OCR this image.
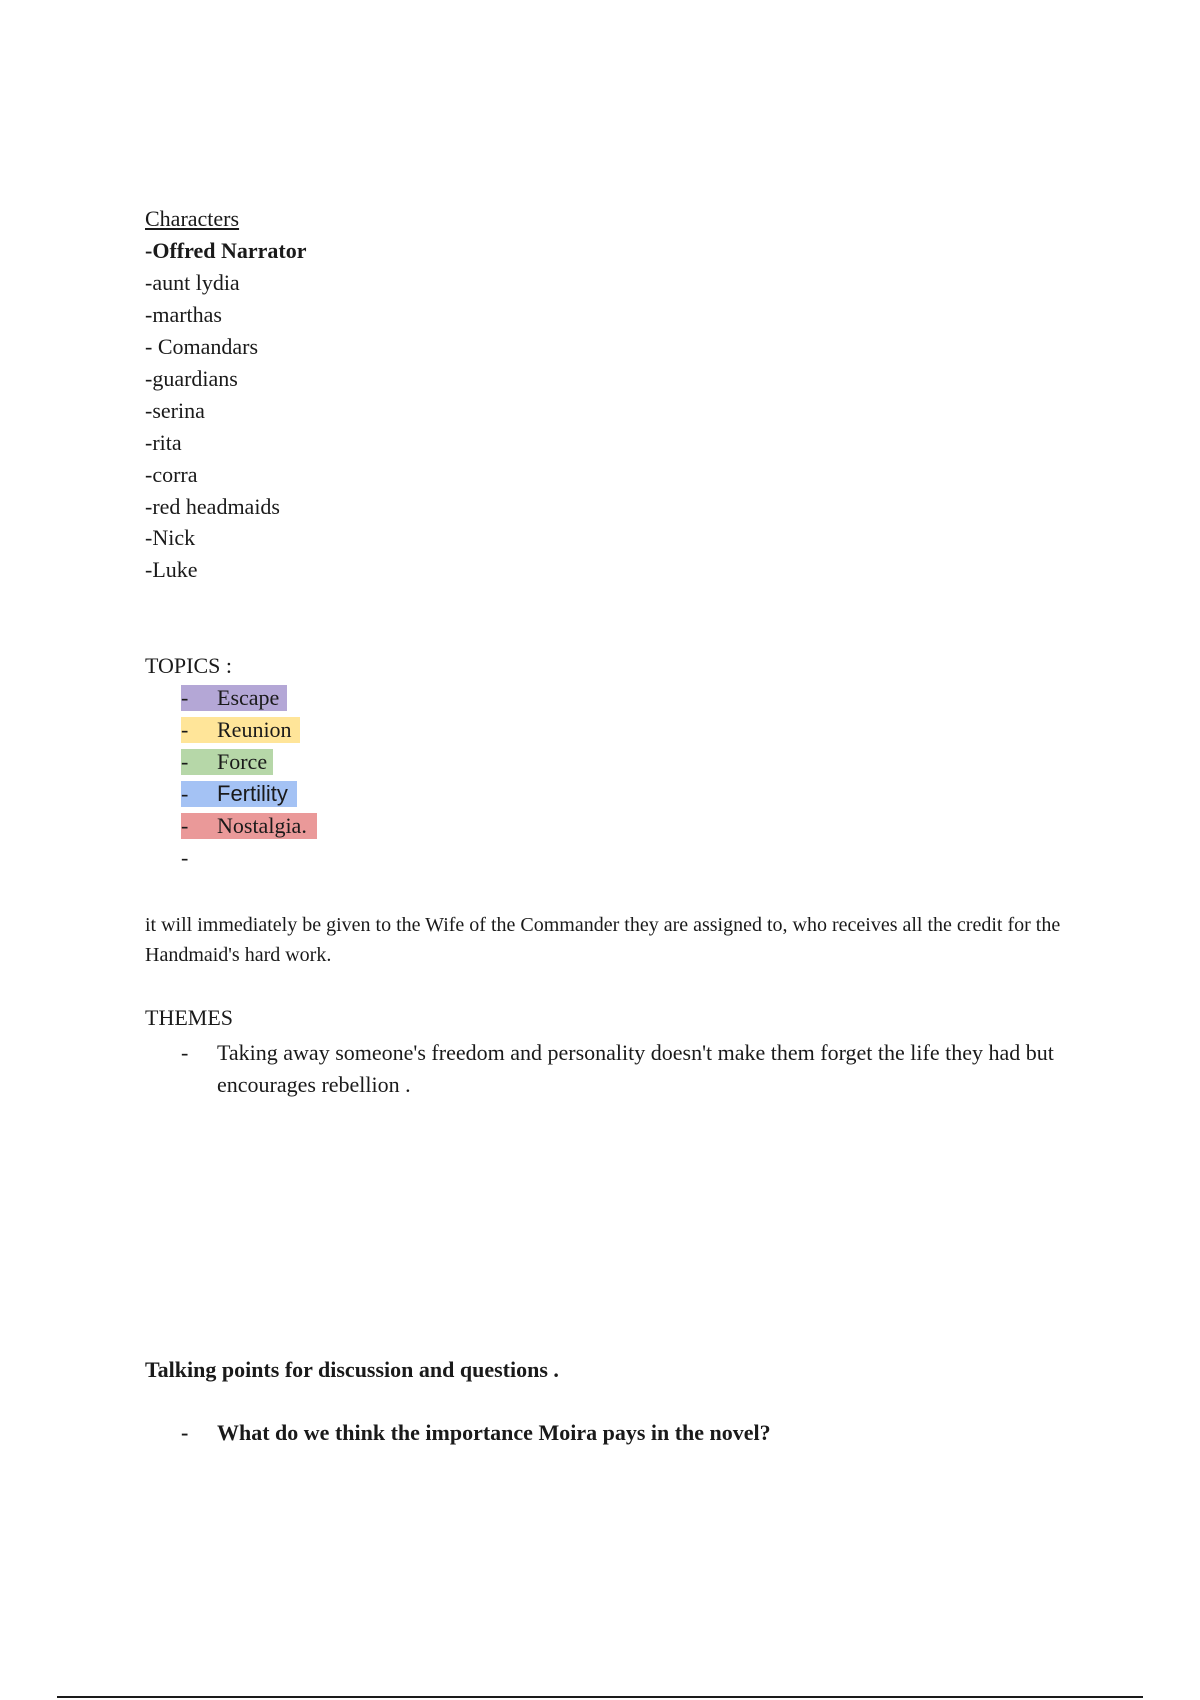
Characters

-Offred Narrator

-aunt lydia

-marthas

- Comandars

-guardians

-serina

-rita

-corra

-red headmaids

-Nick

-Luke

TOPICS :

- Escape
- Reunion
- Force
- Fertility
- Nostalgia.
-

it will immediately be given to the Wife of the Commander they are assigned to, who receives all the credit for the Handmaid's hard work.

THEMES

- Taking away someone's freedom and personality doesn't make them forget the life they had but encourages rebellion .

Talking points for discussion and questions .

- What do we think the importance Moira pays in the novel?
